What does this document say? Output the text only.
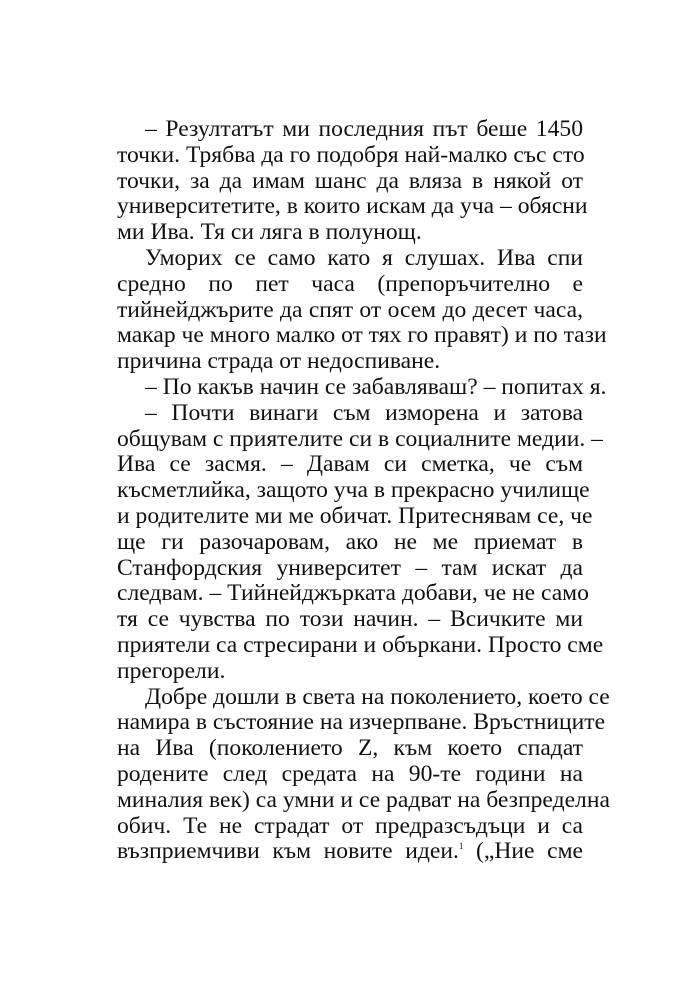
– Резултатът ми последния път беше 1450
точки. Трябва да го подобря най-малко със сто
точки, за да имам шанс да вляза в някой от
университетите, в които искам да уча – обясни
ми Ива. Тя си ляга в полунощ.
Уморих се само като я слушах. Ива спи
средно по пет часа (препоръчително е
тийнейджърите да спят от осем до десет часа,
макар че много малко от тях го правят) и по тази
причина страда от недоспиване.
– По какъв начин се забавляваш? – попитах я.
– Почти винаги съм изморена и затова
общувам с приятелите си в социалните медии. –
Ива се засмя. – Давам си сметка, че съм
късметлийка, защото уча в прекрасно училище
и родителите ми ме обичат. Притеснявам се, че
ще ги разочаровам, ако не ме приемат в
Станфордския университет – там искат да
следвам. – Тийнейджърката добави, че не само
тя се чувства по този начин. – Всичките ми
приятели са стресирани и объркани. Просто сме
прегорели.
Добре дошли в света на поколението, което се
намира в състояние на изчерпване. Връстниците
на Ива (поколението Z, към което спадат
родените след средата на 90-те години на
миналия век) са умни и се радват на безпределна
обич. Те не страдат от предразсъдъци и са
възприемчиви към новите идеи.$^1$ („Ние сме
